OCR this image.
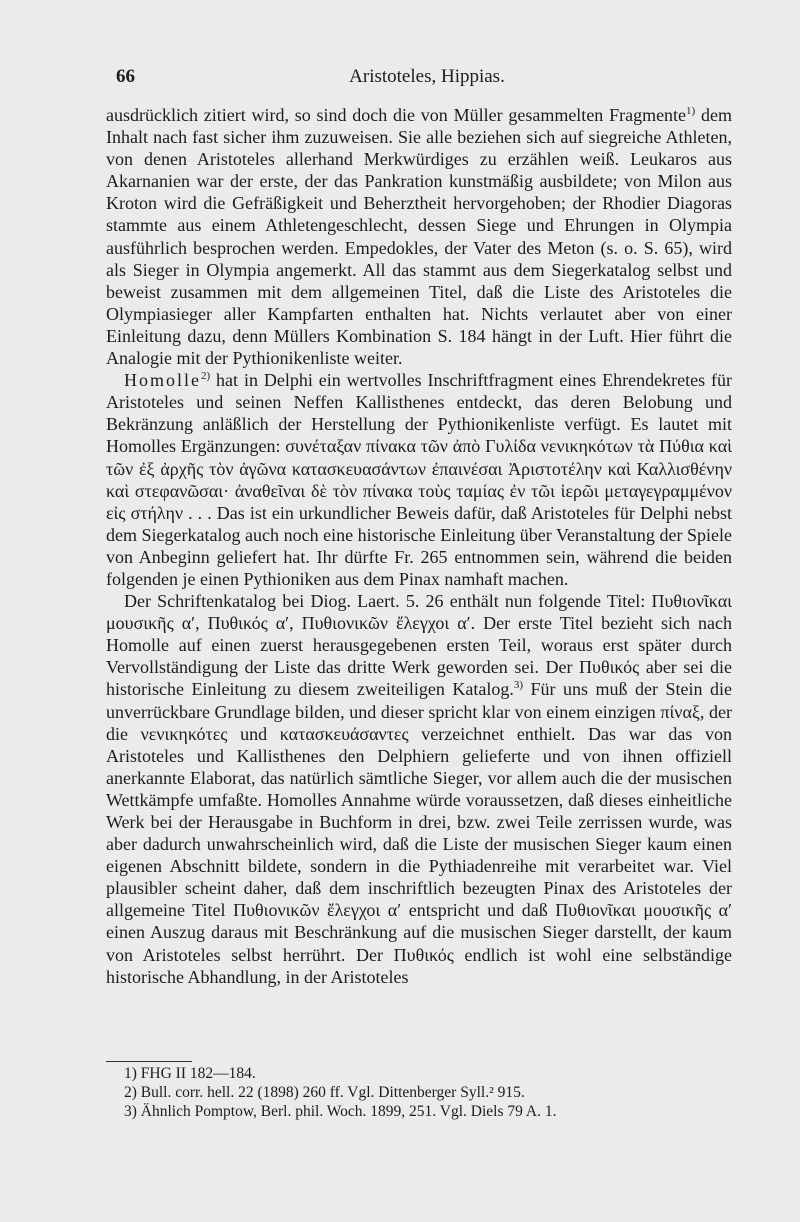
66	Aristoteles, Hippias.

ausdrücklich zitiert wird, so sind doch die von Müller gesammelten Fragmente$^{1)}$ dem Inhalt nach fast sicher ihm zuzuweisen. Sie alle beziehen sich auf siegreiche Athleten, von denen Aristoteles allerhand Merkwürdiges zu erzählen weiß. Leukaros aus Akarnanien war der erste, der das Pankration kunstmäßig ausbildete; von Milon aus Kroton wird die Gefräßigkeit und Beherztheit hervorgehoben; der Rhodier Diagoras stammte aus einem Athletengeschlecht, dessen Siege und Ehrungen in Olympia ausführlich besprochen werden. Empedokles, der Vater des Meton (s. o. S. 65), wird als Sieger in Olympia angemerkt. All das stammt aus dem Siegerkatalog selbst und beweist zusammen mit dem allgemeinen Titel, daß die Liste des Aristoteles die Olympiasieger aller Kampfarten enthalten hat. Nichts verlautet aber von einer Einleitung dazu, denn Müllers Kombination S. 184 hängt in der Luft. Hier führt die Analogie mit der Pythionikenliste weiter.

Homolle$^{2)}$ hat in Delphi ein wertvolles Inschriftfragment eines Ehrendekretes für Aristoteles und seinen Neffen Kallisthenes entdeckt, das deren Belobung und Bekränzung anläßlich der Herstellung der Pythionikenliste verfügt. Es lautet mit Homolles Ergänzungen: συνέταξαν πίνακα τῶν ἀπὸ Γυλίδα νενικηκότων τὰ Πύθια καὶ τῶν ἐξ ἀρχῆς τὸν ἀγῶνα κατασκευασάντων ἐπαινέσαι Ἀριστοτέλην καὶ Καλλισθένην καὶ στεφανῶσαι· ἀναθεῖναι δὲ τὸν πίνακα τοὺς ταμίας ἐν τῶι ἱερῶι μεταγεγραμμένον εἰς στήλην . . . Das ist ein urkundlicher Beweis dafür, daß Aristoteles für Delphi nebst dem Siegerkatalog auch noch eine historische Einleitung über Veranstaltung der Spiele von Anbeginn geliefert hat. Ihr dürfte Fr. 265 entnommen sein, während die beiden folgenden je einen Pythioniken aus dem Pinax namhaft machen.

Der Schriftenkatalog bei Diog. Laert. 5. 26 enthält nun folgende Titel: Πυθιονῖκαι μουσικῆς α′, Πυθικός α′, Πυθιονικῶν ἔλεγχοι α′. Der erste Titel bezieht sich nach Homolle auf einen zuerst herausgegebenen ersten Teil, woraus erst später durch Vervollständigung der Liste das dritte Werk geworden sei. Der Πυθικός aber sei die historische Einleitung zu diesem zweiteiligen Katalog.$^{3)}$ Für uns muß der Stein die unverrückbare Grundlage bilden, und dieser spricht klar von einem einzigen πίναξ, der die νενικηκότες und κατασκευάσαντες verzeichnet enthielt. Das war das von Aristoteles und Kallisthenes den Delphiern gelieferte und von ihnen offiziell anerkannte Elaborat, das natürlich sämtliche Sieger, vor allem auch die der musischen Wettkämpfe umfaßte. Homolles Annahme würde voraussetzen, daß dieses einheitliche Werk bei der Herausgabe in Buchform in drei, bzw. zwei Teile zerrissen wurde, was aber dadurch unwahrscheinlich wird, daß die Liste der musischen Sieger kaum einen eigenen Abschnitt bildete, sondern in die Pythiadenreihe mit verarbeitet war. Viel plausibler scheint daher, daß dem inschriftlich bezeugten Pinax des Aristoteles der allgemeine Titel Πυθιονικῶν ἔλεγχοι α′ entspricht und daß Πυθιονῖκαι μουσικῆς α′ einen Auszug daraus mit Beschränkung auf die musischen Sieger darstellt, der kaum von Aristoteles selbst herrührt. Der Πυθικός endlich ist wohl eine selbständige historische Abhandlung, in der Aristoteles

1) FHG II 182—184.
2) Bull. corr. hell. 22 (1898) 260 ff. Vgl. Dittenberger Syll.² 915.
3) Ähnlich Pomptow, Berl. phil. Woch. 1899, 251. Vgl. Diels 79 A. 1.
